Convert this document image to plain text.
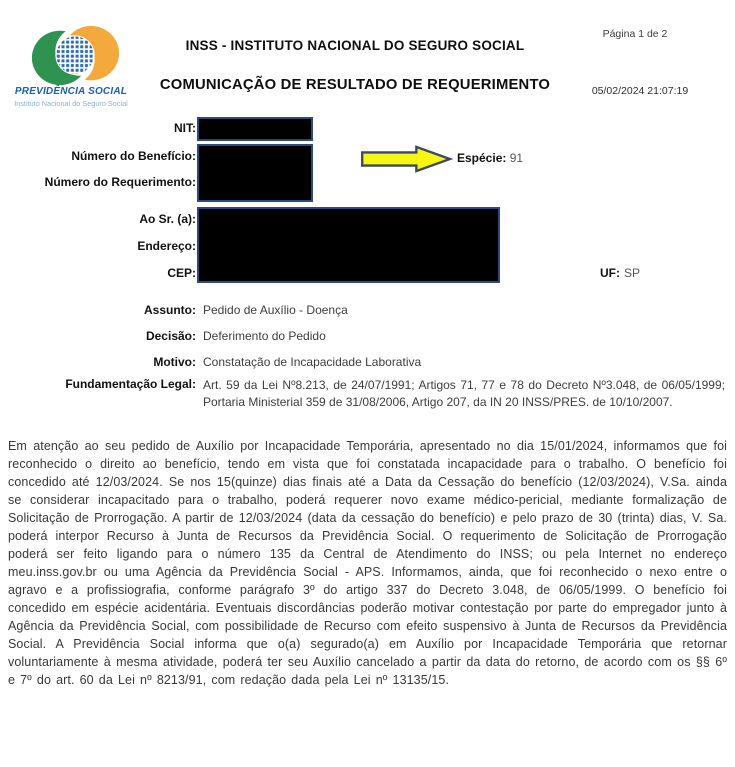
PREVIDÊNCIA SOCIAL
Instituto Nacional do Seguro Social
INSS - INSTITUTO NACIONAL DO SEGURO SOCIAL
COMUNICAÇÃO DE RESULTADO DE REQUERIMENTO
Página 1 de 2
05/02/2024 21:07:19
NIT:
Número do Benefício:
Número do Requerimento:
Espécie: 91
Ao Sr. (a):
Endereço:
CEP:	UF: SP
Assunto: Pedido de Auxílio - Doença
Decisão: Deferimento do Pedido
Motivo: Constatação de Incapacidade Laborativa
Fundamentação Legal: Art. 59 da Lei Nº8.213, de 24/07/1991; Artigos 71, 77 e 78 do Decreto Nº3.048, de 06/05/1999; Portaria Ministerial 359 de 31/08/2006, Artigo 207, da IN 20 INSS/PRES. de 10/10/2007.
Em atenção ao seu pedido de Auxílio por Incapacidade Temporária, apresentado no dia 15/01/2024, informamos que foi reconhecido o direito ao benefício, tendo em vista que foi constatada incapacidade para o trabalho. O benefício foi concedido até 12/03/2024. Se nos 15(quinze) dias finais até a Data da Cessação do benefício (12/03/2024), V.Sa. ainda se considerar incapacitado para o trabalho, poderá requerer novo exame médico-pericial, mediante formalização de Solicitação de Prorrogação. A partir de 12/03/2024 (data da cessação do benefício) e pelo prazo de 30 (trinta) dias, V. Sa. poderá interpor Recurso à Junta de Recursos da Previdência Social. O requerimento de Solicitação de Prorrogação poderá ser feito ligando para o número 135 da Central de Atendimento do INSS; ou pela Internet no endereço meu.inss.gov.br ou uma Agência da Previdência Social - APS. Informamos, ainda, que foi reconhecido o nexo entre o agravo e a profissiografia, conforme parágrafo 3º do artigo 337 do Decreto 3.048, de 06/05/1999. O benefício foi concedido em espécie acidentária. Eventuais discordâncias poderão motivar contestação por parte do empregador junto à Agência da Previdência Social, com possibilidade de Recurso com efeito suspensivo à Junta de Recursos da Previdência Social. A Previdência Social informa que o(a) segurado(a) em Auxílio por Incapacidade Temporária que retornar voluntariamente à mesma atividade, poderá ter seu Auxílio cancelado a partir da data do retorno, de acordo com os §§ 6º e 7º do art. 60 da Lei nº 8213/91, com redação dada pela Lei nº 13135/15.
